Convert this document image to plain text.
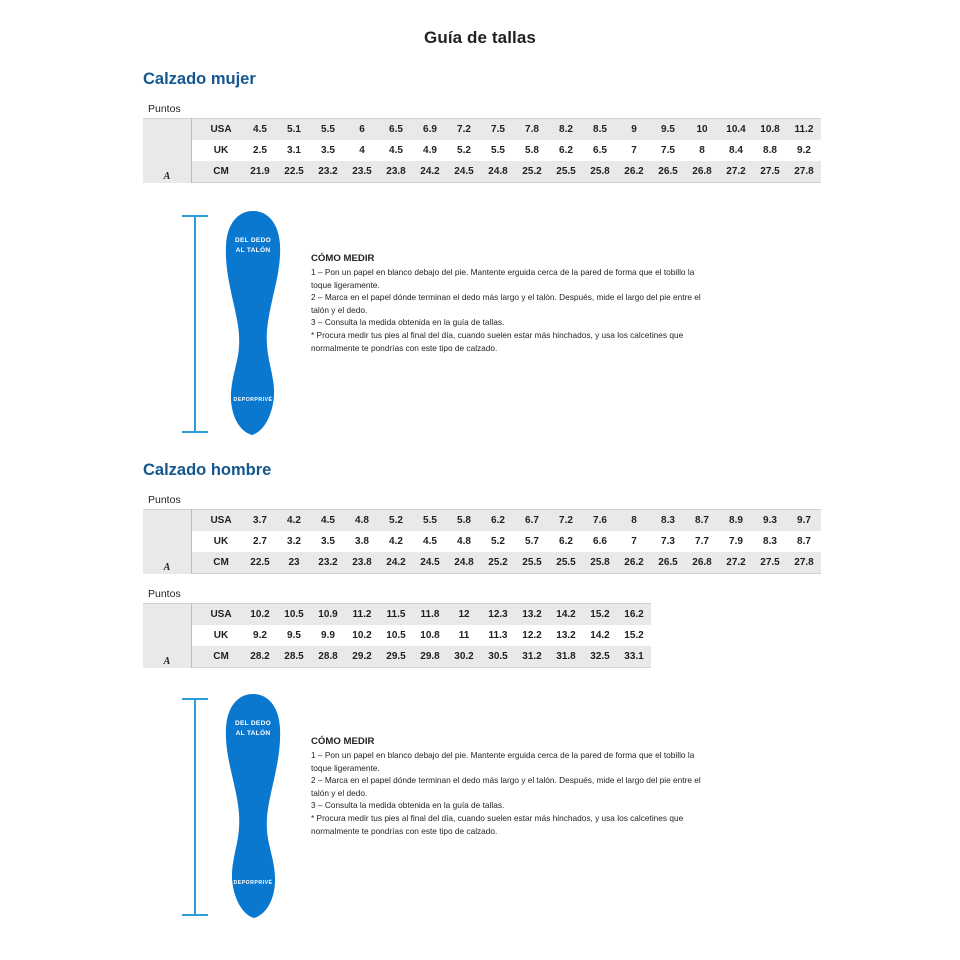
Guía de tallas
Calzado mujer
Puntos
A	USA	4.5	5.1	5.5	6	6.5	6.9	7.2	7.5	7.8	8.2	8.5	9	9.5	10	10.4	10.8	11.2
	UK	2.5	3.1	3.5	4	4.5	4.9	5.2	5.5	5.8	6.2	6.5	7	7.5	8	8.4	8.8	9.2
	CM	21.9	22.5	23.2	23.5	23.8	24.2	24.5	24.8	25.2	25.5	25.8	26.2	26.5	26.8	27.2	27.5	27.8
DEL DEDO
AL TALÓN
DEPORPRIVÉ
CÓMO MEDIR
1 – Pon un papel en blanco debajo del pie. Mantente erguida cerca de la pared de forma que el tobillo la
toque ligeramente.
2 – Marca en el papel dónde terminan el dedo más largo y el talón. Después, mide el largo del pie entre el
talón y el dedo.
3 – Consulta la medida obtenida en la guía de tallas.
* Procura medir tus pies al final del día, cuando suelen estar más hinchados, y usa los calcetines que
normalmente te pondrías con este tipo de calzado.
Calzado hombre
Puntos
A	USA	3.7	4.2	4.5	4.8	5.2	5.5	5.8	6.2	6.7	7.2	7.6	8	8.3	8.7	8.9	9.3	9.7
	UK	2.7	3.2	3.5	3.8	4.2	4.5	4.8	5.2	5.7	6.2	6.6	7	7.3	7.7	7.9	8.3	8.7
	CM	22.5	23	23.2	23.8	24.2	24.5	24.8	25.2	25.5	25.5	25.8	26.2	26.5	26.8	27.2	27.5	27.8
Puntos
A	USA	10.2	10.5	10.9	11.2	11.5	11.8	12	12.3	13.2	14.2	15.2	16.2
	UK	9.2	9.5	9.9	10.2	10.5	10.8	11	11.3	12.2	13.2	14.2	15.2
	CM	28.2	28.5	28.8	29.2	29.5	29.8	30.2	30.5	31.2	31.8	32.5	33.1
DEL DEDO
AL TALÓN
DEPORPRIVÉ
CÓMO MEDIR
1 – Pon un papel en blanco debajo del pie. Mantente erguida cerca de la pared de forma que el tobillo la
toque ligeramente.
2 – Marca en el papel dónde terminan el dedo más largo y el talón. Después, mide el largo del pie entre el
talón y el dedo.
3 – Consulta la medida obtenida en la guía de tallas.
* Procura medir tus pies al final del día, cuando suelen estar más hinchados, y usa los calcetines que
normalmente te pondrías con este tipo de calzado.
